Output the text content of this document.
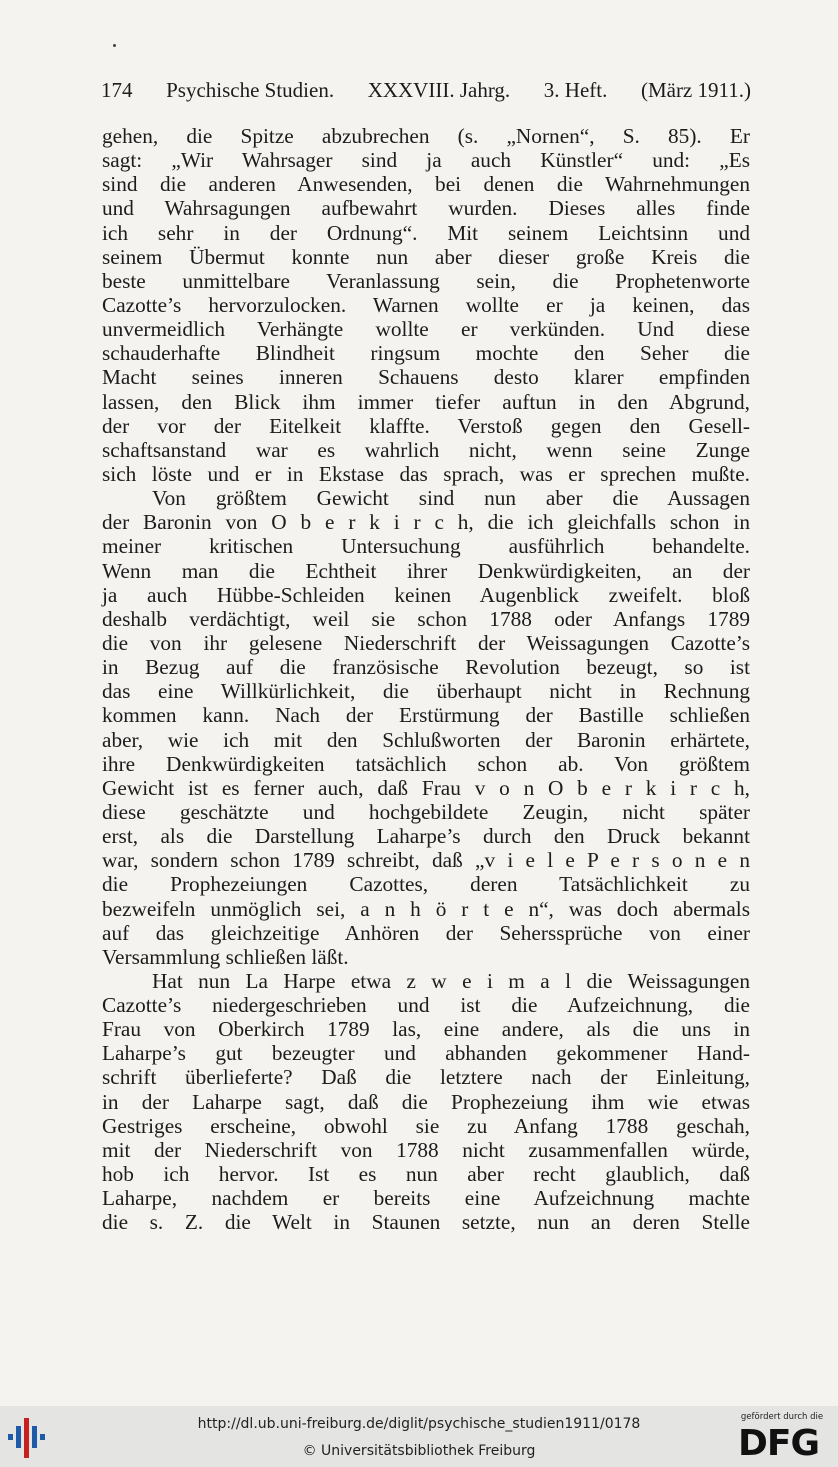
174 Psychische Studien. XXXVIII. Jahrg. 3. Heft. (März 1911.)
gehen, die Spitze abzubrechen (s. „Nornen“, S. 85). Er
sagt: „Wir Wahrsager sind ja auch Künstler“ und: „Es
sind die anderen Anwesenden, bei denen die Wahrnehmungen
und Wahrsagungen aufbewahrt wurden. Dieses alles finde
ich sehr in der Ordnung“. Mit seinem Leichtsinn und
seinem Übermut konnte nun aber dieser große Kreis die
beste unmittelbare Veranlassung sein, die Prophetenworte
Cazotte’s hervorzulocken. Warnen wollte er ja keinen, das
unvermeidlich Verhängte wollte er verkünden. Und diese
schauderhafte Blindheit ringsum mochte den Seher die
Macht seines inneren Schauens desto klarer empfinden
lassen, den Blick ihm immer tiefer auftun in den Abgrund,
der vor der Eitelkeit klaffte. Verstoß gegen den Gesell-
schaftsanstand war es wahrlich nicht, wenn seine Zunge
sich löste und er in Ekstase das sprach, was er sprechen mußte.
Von größtem Gewicht sind nun aber die Aussagen
der Baronin von O b e r k i r c h, die ich gleichfalls schon in
meiner kritischen Untersuchung ausführlich behandelte.
Wenn man die Echtheit ihrer Denkwürdigkeiten, an der
ja auch Hübbe-Schleiden keinen Augenblick zweifelt. bloß
deshalb verdächtigt, weil sie schon 1788 oder Anfangs 1789
die von ihr gelesene Niederschrift der Weissagungen Cazotte’s
in Bezug auf die französische Revolution bezeugt, so ist
das eine Willkürlichkeit, die überhaupt nicht in Rechnung
kommen kann. Nach der Erstürmung der Bastille schließen
aber, wie ich mit den Schlußworten der Baronin erhärtete,
ihre Denkwürdigkeiten tatsächlich schon ab. Von größtem
Gewicht ist es ferner auch, daß Frau v o n O b e r k i r c h,
diese geschätzte und hochgebildete Zeugin, nicht später
erst, als die Darstellung Laharpe’s durch den Druck bekannt
war, sondern schon 1789 schreibt, daß „v i e l e P e r s o n e n
die Prophezeiungen Cazottes, deren Tatsächlichkeit zu
bezweifeln unmöglich sei, a n h ö r t e n“, was doch abermals
auf das gleichzeitige Anhören der Seherssprüche von einer
Versammlung schließen läßt.
Hat nun La Harpe etwa z w e i m a l die Weissagungen
Cazotte’s niedergeschrieben und ist die Aufzeichnung, die
Frau von Oberkirch 1789 las, eine andere, als die uns in
Laharpe’s gut bezeugter und abhanden gekommener Hand-
schrift überlieferte? Daß die letztere nach der Einleitung,
in der Laharpe sagt, daß die Prophezeiung ihm wie etwas
Gestriges erscheine, obwohl sie zu Anfang 1788 geschah,
mit der Niederschrift von 1788 nicht zusammenfallen würde,
hob ich hervor. Ist es nun aber recht glaublich, daß
Laharpe, nachdem er bereits eine Aufzeichnung machte
die s. Z. die Welt in Staunen setzte, nun an deren Stelle
http://dl.ub.uni-freiburg.de/diglit/psychische_studien1911/0178
© Universitätsbibliothek Freiburg
gefördert durch die
DFG
